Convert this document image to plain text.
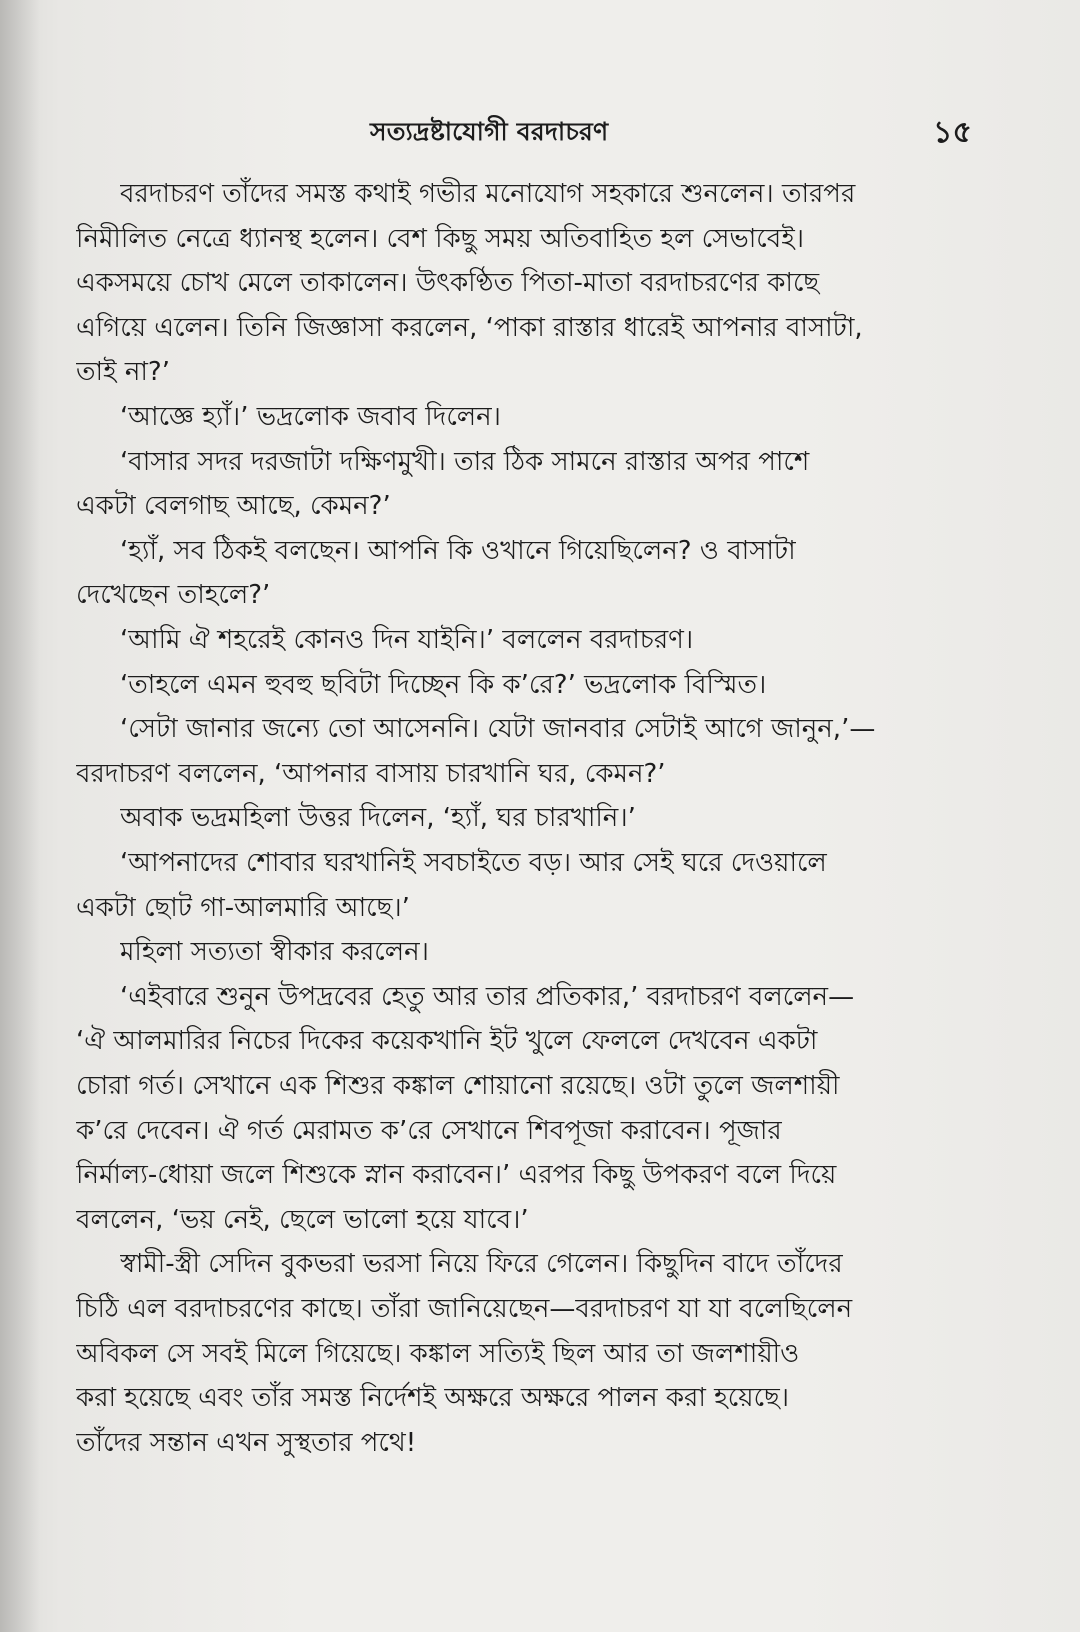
সত্যদ্রষ্টাযোগী বরদাচরণ	১৫
বরদাচরণ তাঁদের সমস্ত কথাই গভীর মনোযোগ সহকারে শুনলেন। তারপর
নিমীলিত নেত্রে ধ্যানস্থ হলেন। বেশ কিছু সময় অতিবাহিত হল সেভাবেই।
একসময়ে চোখ মেলে তাকালেন। উৎকণ্ঠিত পিতা-মাতা বরদাচরণের কাছে
এগিয়ে এলেন। তিনি জিজ্ঞাসা করলেন, ‘পাকা রাস্তার ধারেই আপনার বাসাটা,
তাই না?’
‘আজ্ঞে হ্যাঁ।’ ভদ্রলোক জবাব দিলেন।
‘বাসার সদর দরজাটা দক্ষিণমুখী। তার ঠিক সামনে রাস্তার অপর পাশে
একটা বেলগাছ আছে, কেমন?’
‘হ্যাঁ, সব ঠিকই বলছেন। আপনি কি ওখানে গিয়েছিলেন? ও বাসাটা
দেখেছেন তাহলে?’
‘আমি ঐ শহরেই কোনও দিন যাইনি।’ বললেন বরদাচরণ।
‘তাহলে এমন হুবহু ছবিটা দিচ্ছেন কি ক’রে?’ ভদ্রলোক বিস্মিত।
‘সেটা জানার জন্যে তো আসেননি। যেটা জানবার সেটাই আগে জানুন,’—
বরদাচরণ বললেন, ‘আপনার বাসায় চারখানি ঘর, কেমন?’
অবাক ভদ্রমহিলা উত্তর দিলেন, ‘হ্যাঁ, ঘর চারখানি।’
‘আপনাদের শোবার ঘরখানিই সবচাইতে বড়। আর সেই ঘরে দেওয়ালে
একটা ছোট গা-আলমারি আছে।’
মহিলা সত্যতা স্বীকার করলেন।
‘এইবারে শুনুন উপদ্রবের হেতু আর তার প্রতিকার,’ বরদাচরণ বললেন—
‘ঐ আলমারির নিচের দিকের কয়েকখানি ইট খুলে ফেললে দেখবেন একটা
চোরা গর্ত। সেখানে এক শিশুর কঙ্কাল শোয়ানো রয়েছে। ওটা তুলে জলশায়ী
ক’রে দেবেন। ঐ গর্ত মেরামত ক’রে সেখানে শিবপূজা করাবেন। পূজার
নির্মাল্য-ধোয়া জলে শিশুকে স্নান করাবেন।’ এরপর কিছু উপকরণ বলে দিয়ে
বললেন, ‘ভয় নেই, ছেলে ভালো হয়ে যাবে।’
স্বামী-স্ত্রী সেদিন বুকভরা ভরসা নিয়ে ফিরে গেলেন। কিছুদিন বাদে তাঁদের
চিঠি এল বরদাচরণের কাছে। তাঁরা জানিয়েছেন—বরদাচরণ যা যা বলেছিলেন
অবিকল সে সবই মিলে গিয়েছে। কঙ্কাল সত্যিই ছিল আর তা জলশায়ীও
করা হয়েছে এবং তাঁর সমস্ত নির্দেশই অক্ষরে অক্ষরে পালন করা হয়েছে।
তাঁদের সন্তান এখন সুস্থতার পথে!
